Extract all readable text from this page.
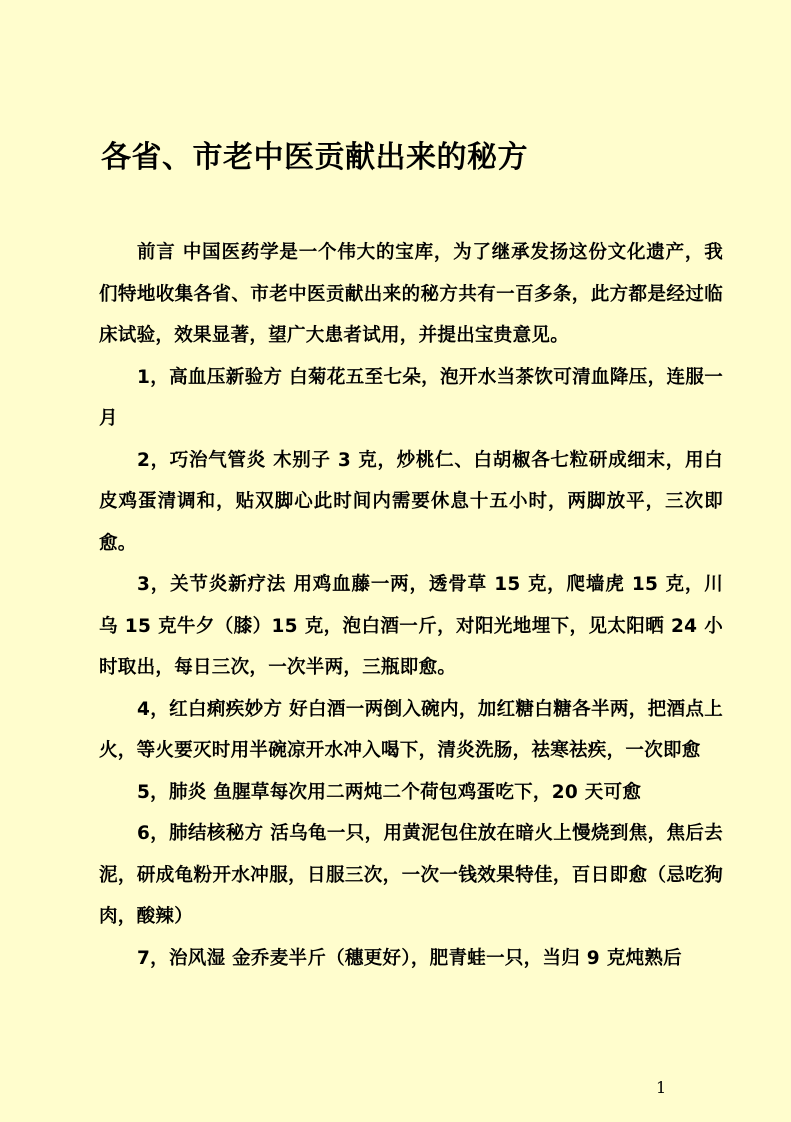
各省、市老中医贡献出来的秘方

前言 中国医药学是一个伟大的宝库，为了继承发扬这份文化遗产，我们特地收集各省、市老中医贡献出来的秘方共有一百多条，此方都是经过临床试验，效果显著，望广大患者试用，并提出宝贵意见。

1，高血压新验方 白菊花五至七朵，泡开水当茶饮可清血降压，连服一月

2，巧治气管炎 木别子 3 克，炒桃仁、白胡椒各七粒研成细末，用白皮鸡蛋清调和，贴双脚心此时间内需要休息十五小时，两脚放平，三次即愈。

3，关节炎新疗法 用鸡血藤一两，透骨草 15 克，爬墙虎 15 克，川乌 15 克牛夕（膝）15 克，泡白酒一斤，对阳光地埋下，见太阳晒 24 小时取出，每日三次，一次半两，三瓶即愈。

4，红白痢疾妙方 好白酒一两倒入碗内，加红糖白糖各半两，把酒点上火，等火要灭时用半碗凉开水冲入喝下，清炎洗肠，祛寒祛疾，一次即愈

5，肺炎 鱼腥草每次用二两炖二个荷包鸡蛋吃下，20 天可愈

6，肺结核秘方 活乌龟一只，用黄泥包住放在暗火上慢烧到焦，焦后去泥，研成龟粉开水冲服，日服三次，一次一钱效果特佳，百日即愈（忌吃狗肉，酸辣）

7，治风湿 金乔麦半斤（穗更好），肥青蛙一只，当归 9 克炖熟后

1
